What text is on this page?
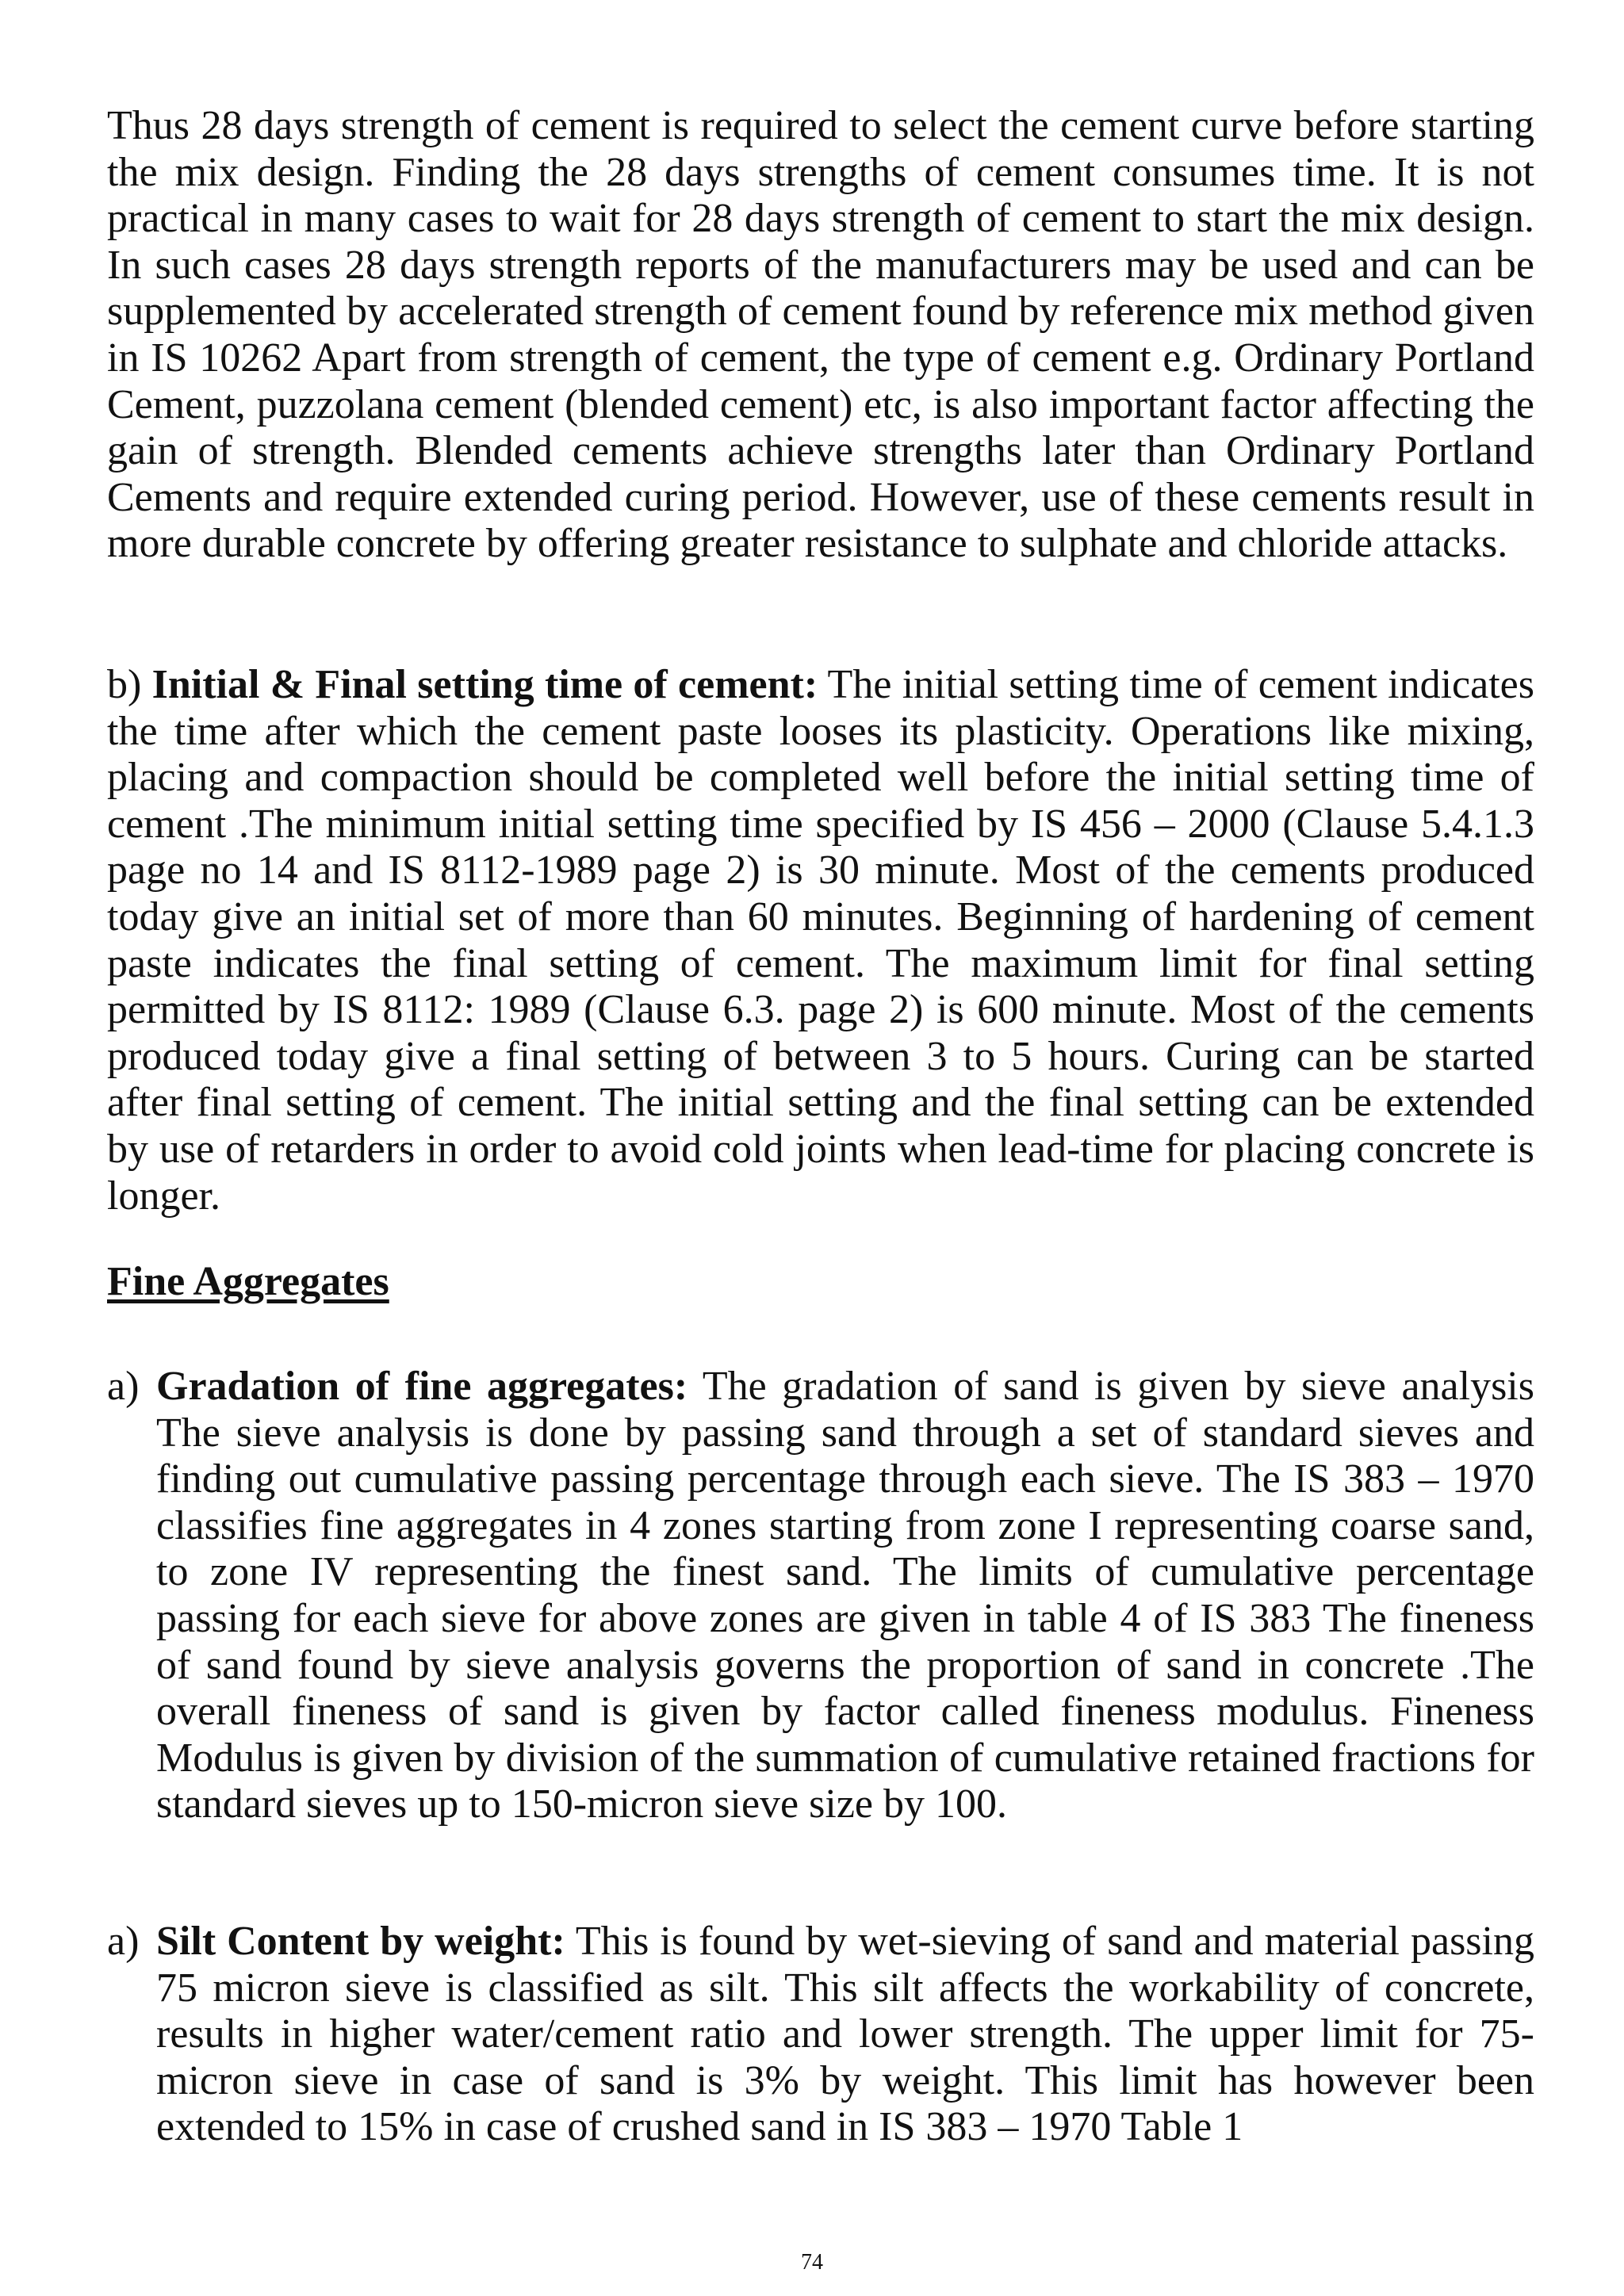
Thus 28 days strength of cement is required to select the cement curve before starting the mix design. Finding the 28 days strengths of cement consumes time. It is not practical in many cases to wait for 28 days strength of cement to start the mix design. In such cases 28 days strength reports of the manufacturers may be used and can be supplemented by accelerated strength of cement found by reference mix method given in IS 10262 Apart from strength of cement, the type of cement e.g. Ordinary Portland Cement, puzzolana cement (blended cement) etc, is also important factor affecting the gain of strength. Blended cements achieve strengths later than Ordinary Portland Cements and require extended curing period. However, use of these cements result in more durable concrete by offering greater resistance to sulphate and chloride attacks.

b) Initial & Final setting time of cement: The initial setting time of cement indicates the time after which the cement paste looses its plasticity. Operations like mixing, placing and compaction should be completed well before the initial setting time of cement .The minimum initial setting time specified by IS 456 – 2000 (Clause 5.4.1.3 page no 14 and IS 8112-1989 page 2) is 30 minute. Most of the cements produced today give an initial set of more than 60 minutes. Beginning of hardening of cement paste indicates the final setting of cement. The maximum limit for final setting permitted by IS 8112: 1989 (Clause 6.3. page 2) is 600 minute. Most of the cements produced today give a final setting of between 3 to 5 hours. Curing can be started after final setting of cement. The initial setting and the final setting can be extended by use of retarders in order to avoid cold joints when lead-time for placing concrete is longer.

Fine Aggregates
a) Gradation of fine aggregates: The gradation of sand is given by sieve analysis The sieve analysis is done by passing sand through a set of standard sieves and finding out cumulative passing percentage through each sieve. The IS 383 – 1970 classifies fine aggregates in 4 zones starting from zone I representing coarse sand, to zone IV representing the finest sand. The limits of cumulative percentage passing for each sieve for above zones are given in table 4 of IS 383 The fineness of sand found by sieve analysis governs the proportion of sand in concrete .The overall fineness of sand is given by factor called fineness modulus. Fineness Modulus is given by division of the summation of cumulative retained fractions for standard sieves up to 150-micron sieve size by 100.
a) Silt Content by weight: This is found by wet-sieving of sand and material passing 75 micron sieve is classified as silt. This silt affects the workability of concrete, results in higher water/cement ratio and lower strength. The upper limit for 75-micron sieve in case of sand is 3% by weight. This limit has however been extended to 15% in case of crushed sand in IS 383 – 1970 Table 1
74
